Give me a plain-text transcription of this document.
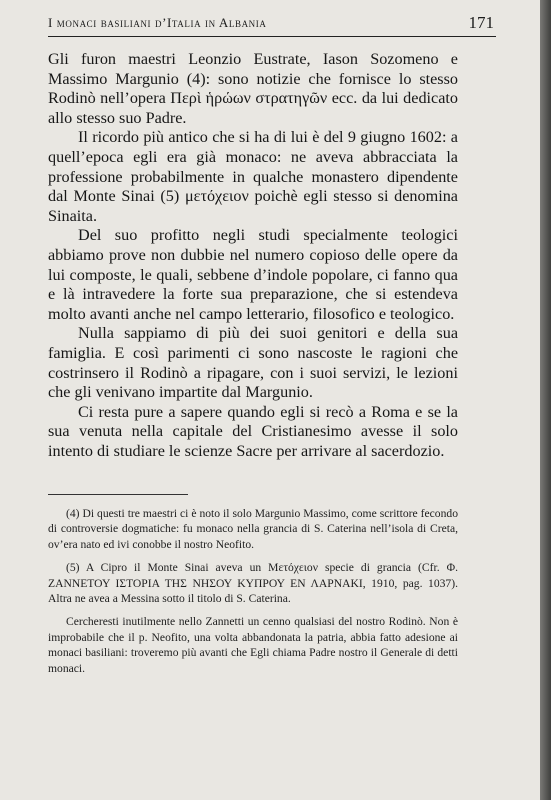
I monaci basiliani d’Italia in Albania	171

Gli furon maestri Leonzio Eustrate, Iason Sozomeno e Massimo Margunio (4): sono notizie che fornisce lo stesso Rodinò nell’opera Περὶ ἡρώων στρατηγῶν ecc. da lui dedicato allo stesso suo Padre.

Il ricordo più antico che si ha di lui è del 9 giugno 1602: a quell’epoca egli era già monaco: ne aveva abbracciata la professione probabilmente in qualche monastero dipendente dal Monte Sinai (5) μετόχειον poichè egli stesso si denomina Sinaita.

Del suo profitto negli studi specialmente teologici abbiamo prove non dubbie nel numero copioso delle opere da lui composte, le quali, sebbene d’indole popolare, ci fanno qua e là intravedere la forte sua preparazione, che si estendeva molto avanti anche nel campo letterario, filosofico e teologico.

Nulla sappiamo di più dei suoi genitori e della sua famiglia. E così parimenti ci sono nascoste le ragioni che costrinsero il Rodinò a ripagare, con i suoi servizi, le lezioni che gli venivano impartite dal Margunio.

Ci resta pure a sapere quando egli si recò a Roma e se la sua venuta nella capitale del Cristianesimo avesse il solo intento di studiare le scienze Sacre per arrivare al sacerdozio.

(4) Di questi tre maestri ci è noto il solo Margunio Massimo, come scrittore fecondo di controversie dogmatiche: fu monaco nella grancia di S. Caterina nell’isola di Creta, ov’era nato ed ivi conobbe il nostro Neofito.

(5) A Cipro il Monte Sinai aveva un Μετόχειον specie di grancia (Cfr. Φ. ΖΑΝΝΕΤΟΥ ΙΣΤΟΡΙΑ ΤΗΣ ΝΗΣΟΥ ΚΥΠΡΟΥ ΕΝ ΛΑΡΝΑΚΙ, 1910, pag. 1037). Altra ne avea a Messina sotto il titolo di S. Caterina.

Cercheresti inutilmente nello Zannetti un cenno qualsiasi del nostro Rodinò. Non è improbabile che il p. Neofito, una volta abbandonata la patria, abbia fatto adesione ai monaci basiliani: troveremo più avanti che Egli chiama Padre nostro il Generale di detti monaci.
